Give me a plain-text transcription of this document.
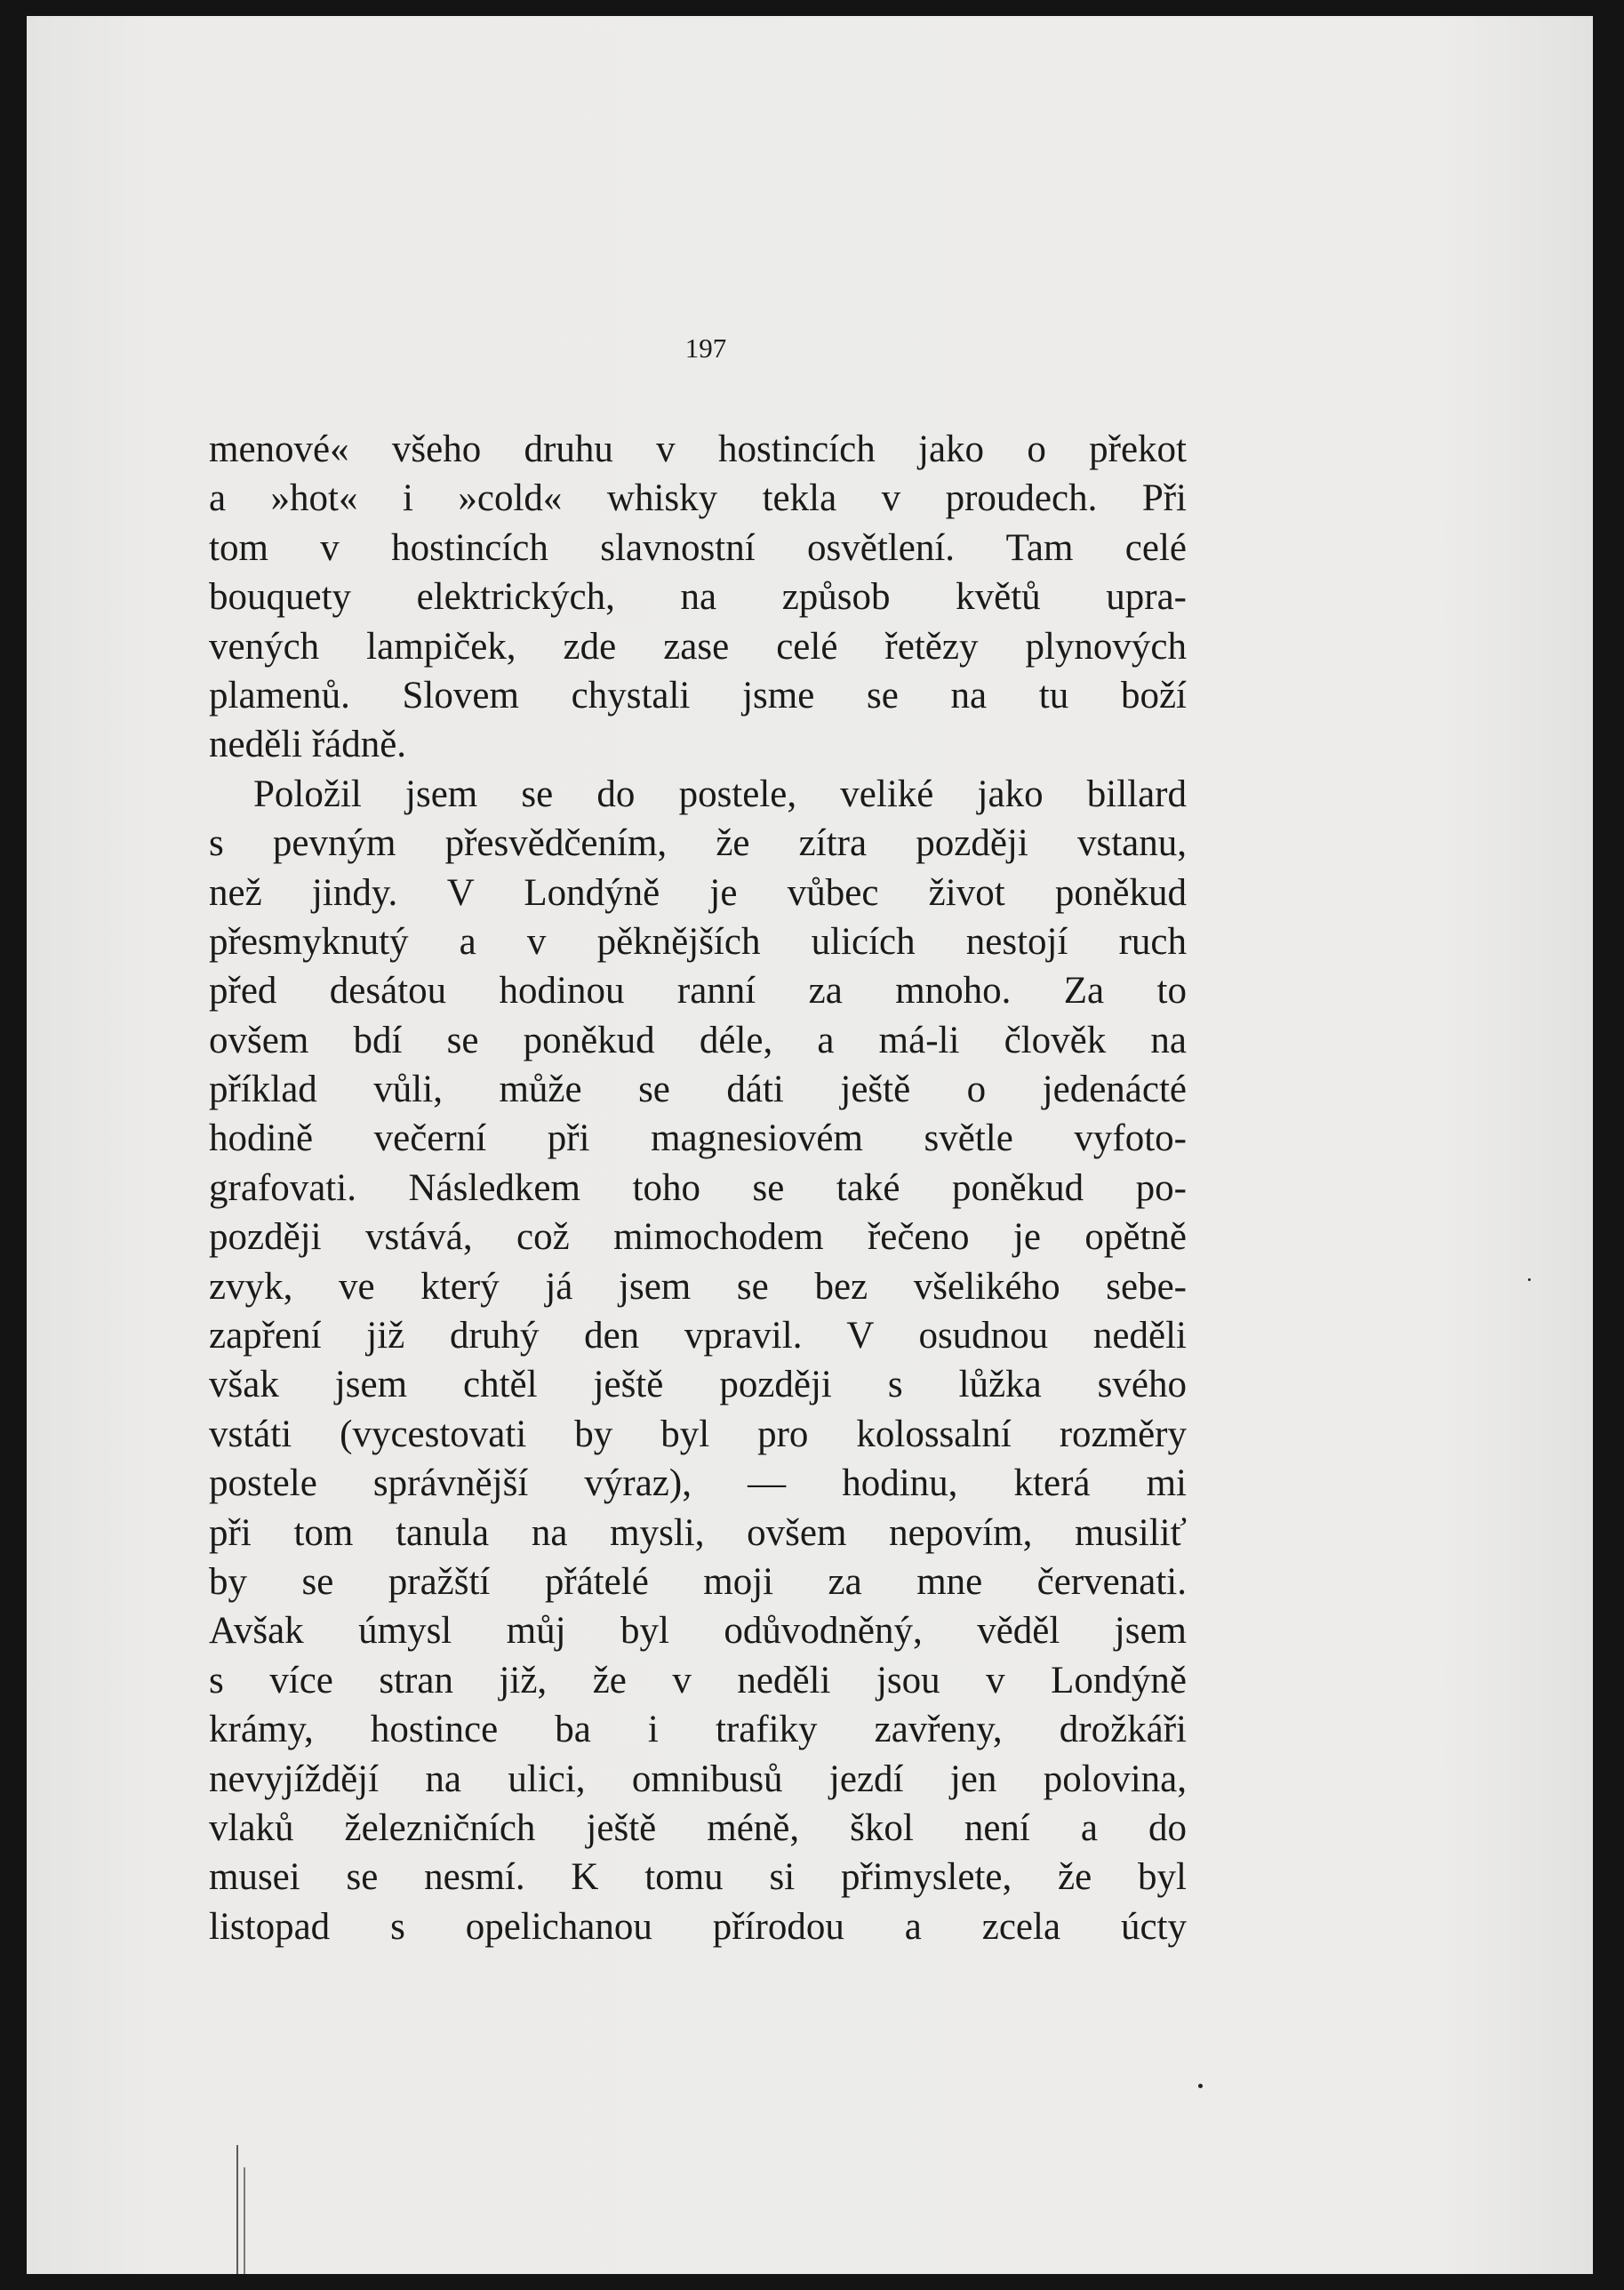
197

menové« všeho druhu v hostincích jako o překot
a »hot« i »cold« whisky tekla v proudech. Při
tom v hostincích slavnostní osvětlení. Tam celé
bouquety elektrických, na způsob květů upra-
vených lampiček, zde zase celé řetězy plynových
plamenů. Slovem chystali jsme se na tu boží
neděli řádně.

Položil jsem se do postele, veliké jako billard
s pevným přesvědčením, že zítra později vstanu,
než jindy. V Londýně je vůbec život poněkud
přesmyknutý a v pěknějších ulicích nestojí ruch
před desátou hodinou ranní za mnoho. Za to
ovšem bdí se poněkud déle, a má-li člověk na
příklad vůli, může se dáti ještě o jedenácté
hodině večerní při magnesiovém světle vyfoto-
grafovati. Následkem toho se také poněkud po-
později vstává, což mimochodem řečeno je opětně
zvyk, ve který já jsem se bez všelikého sebe-
zapření již druhý den vpravil. V osudnou neděli
však jsem chtěl ještě později s lůžka svého
vstáti (vycestovati by byl pro kolossalní rozměry
postele správnější výraz), — hodinu, která mi
při tom tanula na mysli, ovšem nepovím, musiliť
by se pražští přátelé moji za mne červenati.
Avšak úmysl můj byl odůvodněný, věděl jsem
s více stran již, že v neděli jsou v Londýně
krámy, hostince ba i trafiky zavřeny, drožkáři
nevyjíždějí na ulici, omnibusů jezdí jen polovina,
vlaků železničních ještě méně, škol není a do
musei se nesmí. K tomu si přimyslete, že byl
listopad s opelichanou přírodou a zcela úcty
